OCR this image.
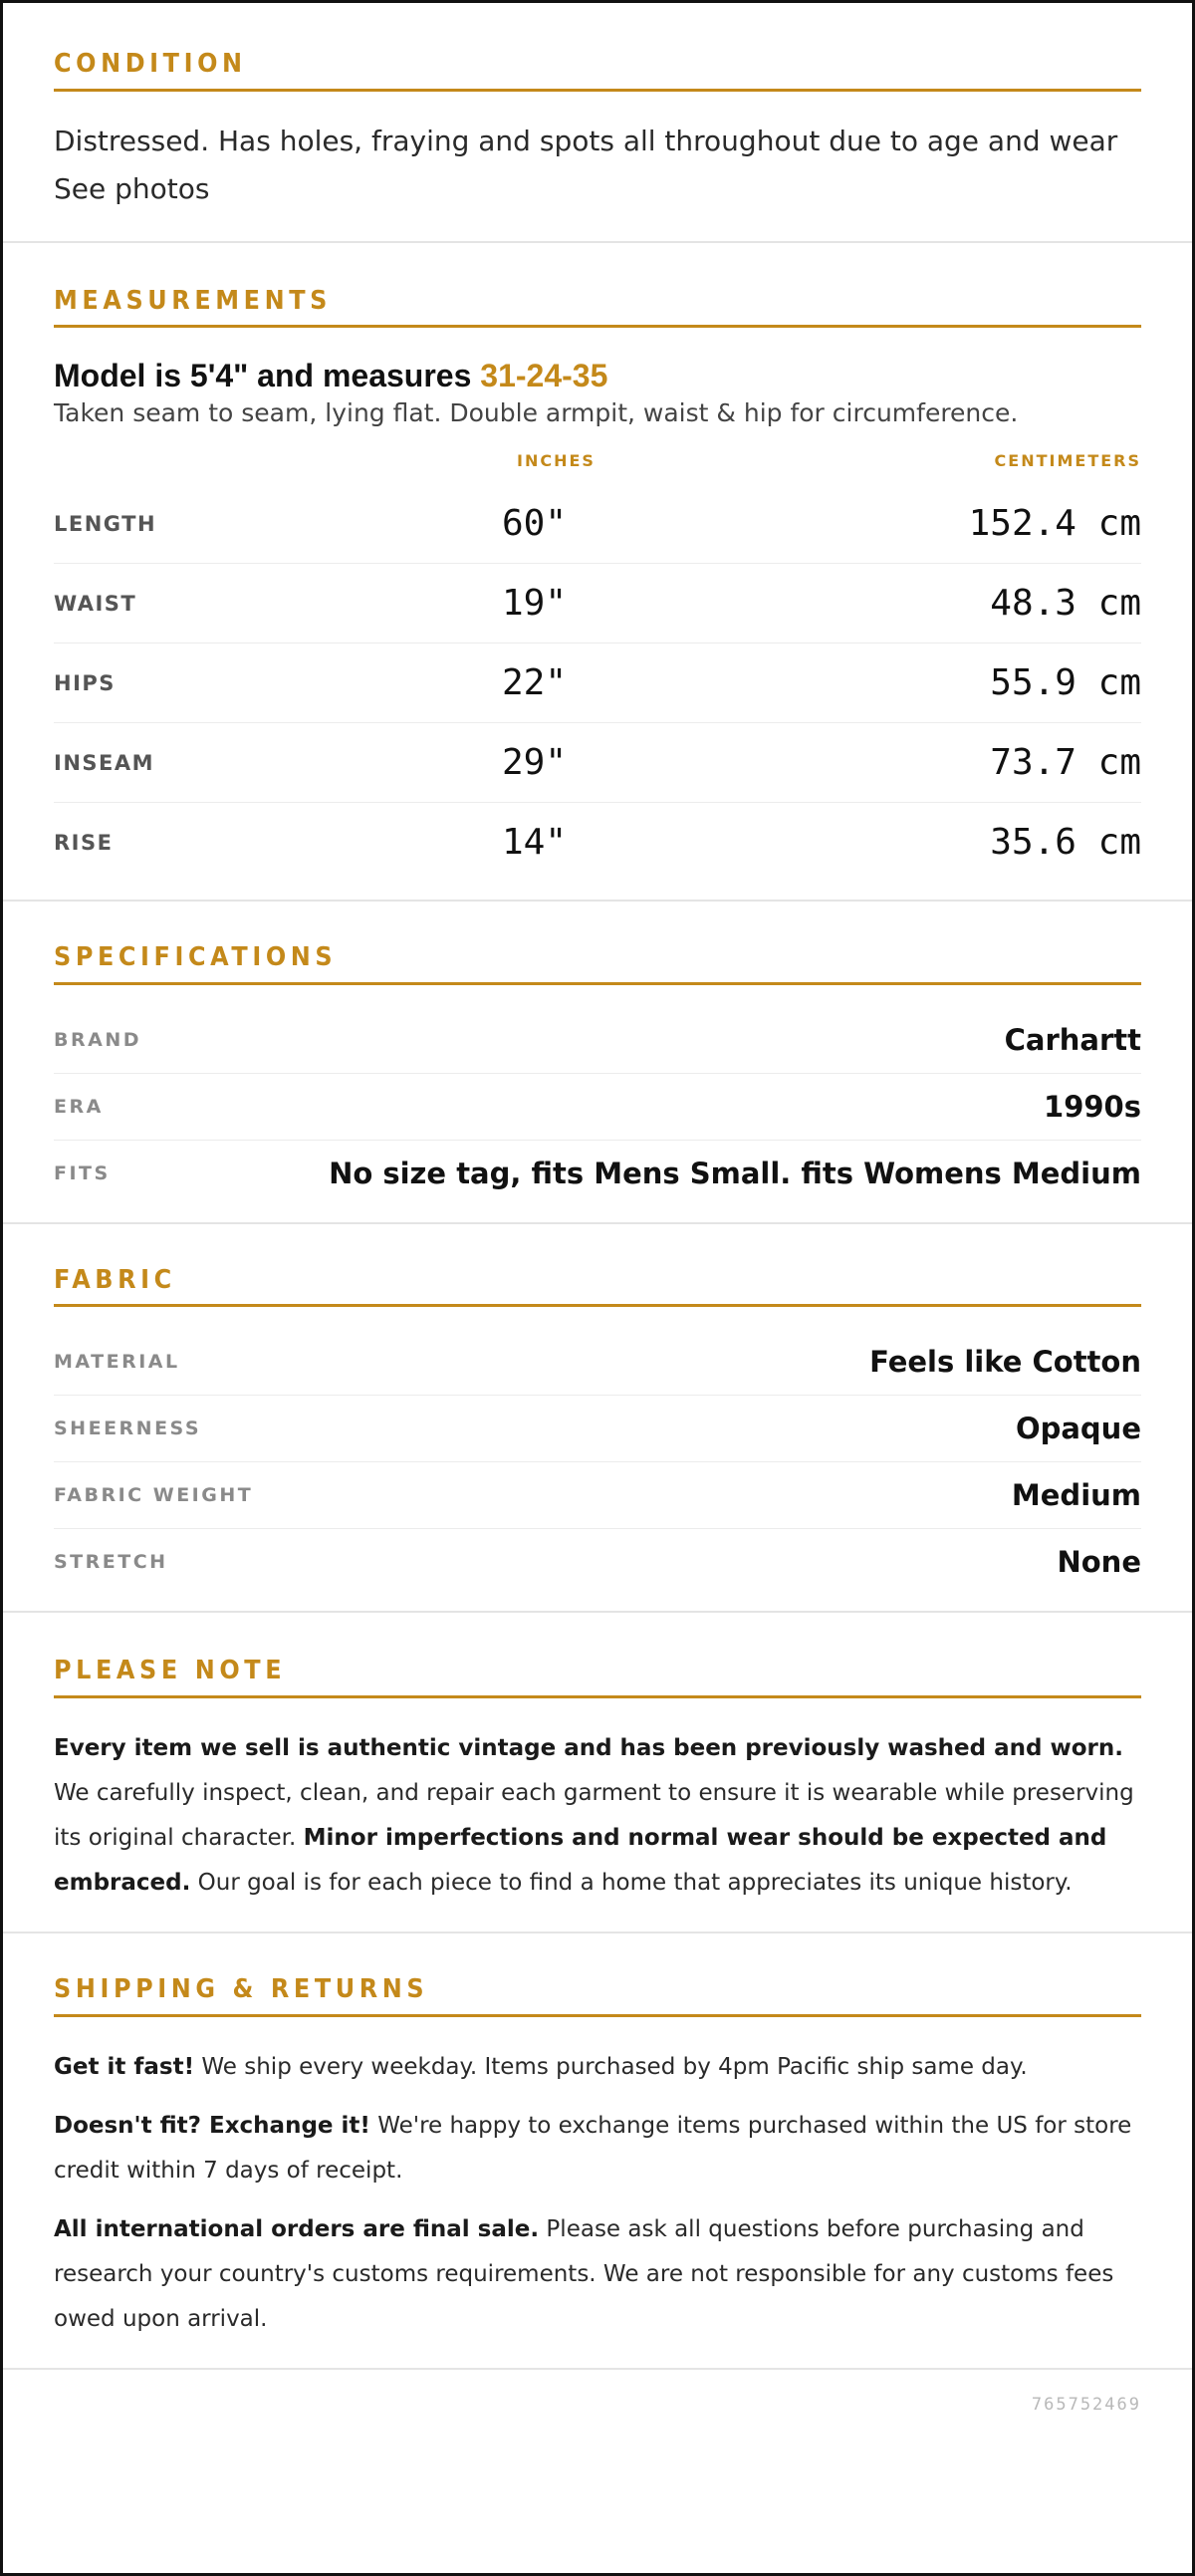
CONDITION
Distressed. Has holes, fraying and spots all throughout due to age and wear See photos
MEASUREMENTS
Model is 5'4" and measures 31-24-35
Taken seam to seam, lying flat. Double armpit, waist & hip for circumference.
INCHES	CENTIMETERS
LENGTH	60"	152.4 cm
WAIST	19"	48.3 cm
HIPS	22"	55.9 cm
INSEAM	29"	73.7 cm
RISE	14"	35.6 cm
SPECIFICATIONS
BRAND	Carhartt
ERA	1990s
FITS	No size tag, fits Mens Small. fits Womens Medium
FABRIC
MATERIAL	Feels like Cotton
SHEERNESS	Opaque
FABRIC WEIGHT	Medium
STRETCH	None
PLEASE NOTE
Every item we sell is authentic vintage and has been previously washed and worn. We carefully inspect, clean, and repair each garment to ensure it is wearable while preserving its original character. Minor imperfections and normal wear should be expected and embraced. Our goal is for each piece to find a home that appreciates its unique history.
SHIPPING & RETURNS
Get it fast! We ship every weekday. Items purchased by 4pm Pacific ship same day.
Doesn't fit? Exchange it! We're happy to exchange items purchased within the US for store credit within 7 days of receipt.
All international orders are final sale. Please ask all questions before purchasing and research your country's customs requirements. We are not responsible for any customs fees owed upon arrival.
765752469
